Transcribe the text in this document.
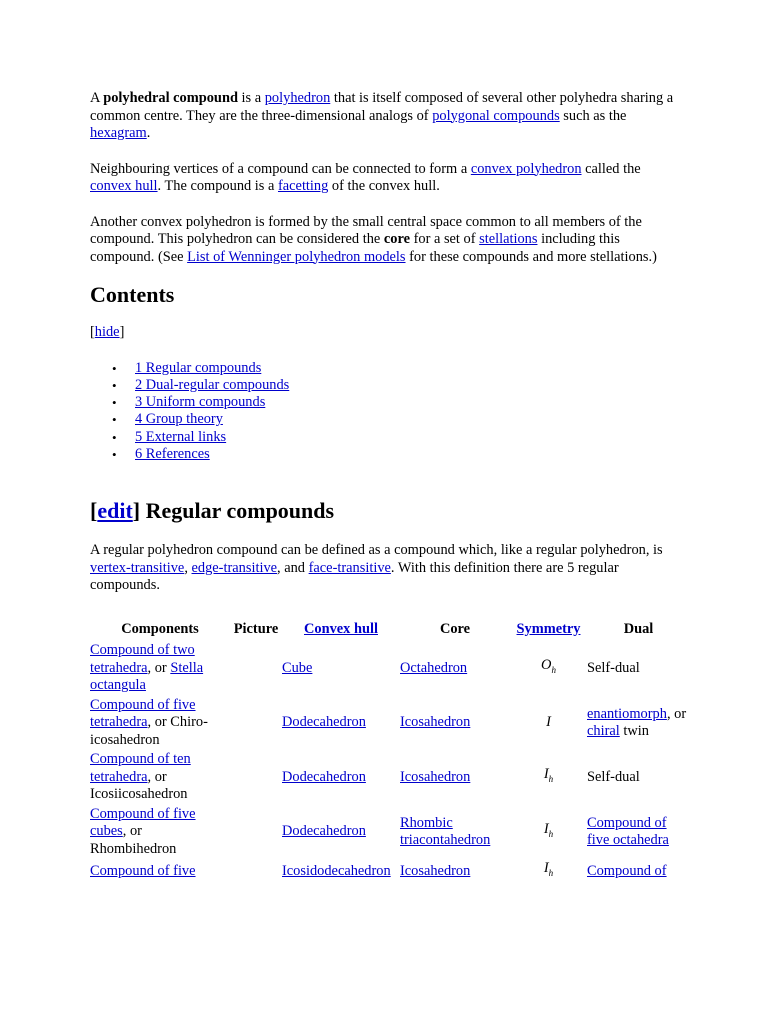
A polyhedral compound is a polyhedron that is itself composed of several other polyhedra sharing a common centre. They are the three-dimensional analogs of polygonal compounds such as the hexagram.

Neighbouring vertices of a compound can be connected to form a convex polyhedron called the convex hull. The compound is a facetting of the convex hull.

Another convex polyhedron is formed by the small central space common to all members of the compound. This polyhedron can be considered the core for a set of stellations including this compound. (See List of Wenninger polyhedron models for these compounds and more stellations.)

Contents

[hide]

• 1 Regular compounds
• 2 Dual-regular compounds
• 3 Uniform compounds
• 4 Group theory
• 5 External links
• 6 References
[edit] Regular compounds

A regular polyhedron compound can be defined as a compound which, like a regular polyhedron, is vertex-transitive, edge-transitive, and face-transitive. With this definition there are 5 regular compounds.

Components	Picture	Convex hull	Core	Symmetry	Dual
Compound of two tetrahedra, or Stella octangula		Cube	Octahedron	$O_h$	Self-dual
Compound of five tetrahedra, or Chiro-icosahedron		Dodecahedron	Icosahedron	I	enantiomorph, or chiral twin
Compound of ten tetrahedra, or Icosiicosahedron		Dodecahedron	Icosahedron	$I_h$	Self-dual
Compound of five cubes, or Rhombihedron		Dodecahedron	Rhombic triacontahedron	$I_h$	Compound of five octahedra
Compound of five		Icosidodecahedron	Icosahedron	$I_h$	Compound of
